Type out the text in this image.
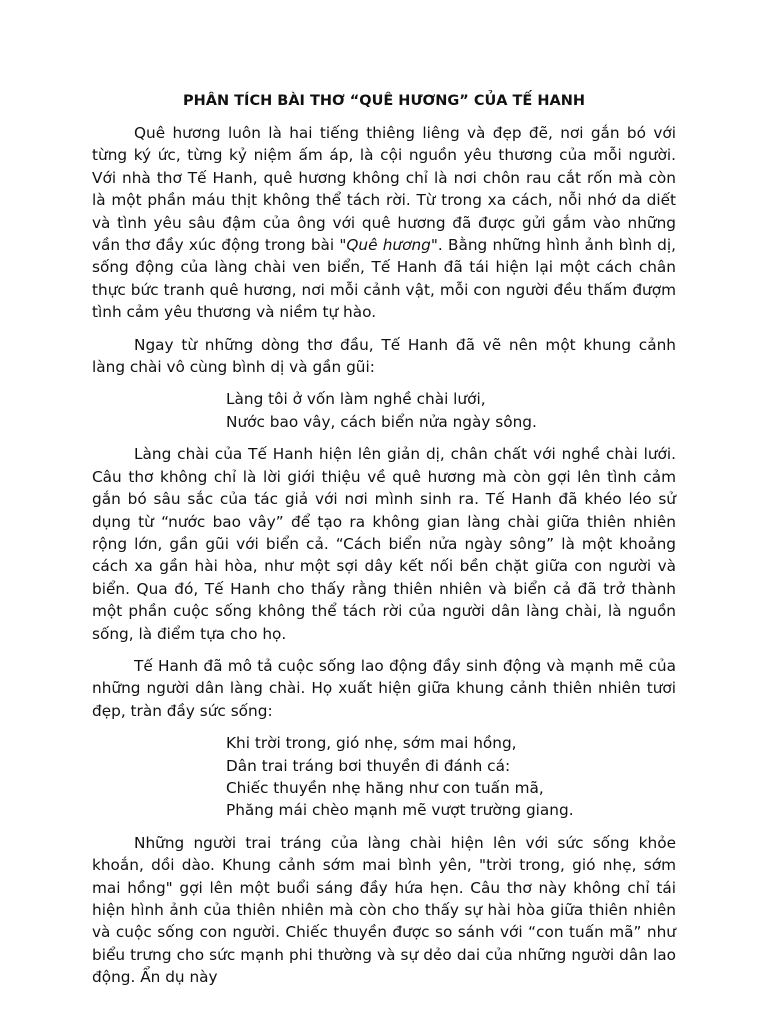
PHÂN TÍCH BÀI THƠ “QUÊ HƯƠNG” CỦA TẾ HANH

Quê hương luôn là hai tiếng thiêng liêng và đẹp đẽ, nơi gắn bó với từng ký ức, từng kỷ niệm ấm áp, là cội nguồn yêu thương của mỗi người. Với nhà thơ Tế Hanh, quê hương không chỉ là nơi chôn rau cắt rốn mà còn là một phần máu thịt không thể tách rời. Từ trong xa cách, nỗi nhớ da diết và tình yêu sâu đậm của ông với quê hương đã được gửi gắm vào những vần thơ đầy xúc động trong bài "Quê hương". Bằng những hình ảnh bình dị, sống động của làng chài ven biển, Tế Hanh đã tái hiện lại một cách chân thực bức tranh quê hương, nơi mỗi cảnh vật, mỗi con người đều thấm đượm tình cảm yêu thương và niềm tự hào.

Ngay từ những dòng thơ đầu, Tế Hanh đã vẽ nên một khung cảnh làng chài vô cùng bình dị và gần gũi:

Làng tôi ở vốn làm nghề chài lưới,
Nước bao vây, cách biển nửa ngày sông.

Làng chài của Tế Hanh hiện lên giản dị, chân chất với nghề chài lưới. Câu thơ không chỉ là lời giới thiệu về quê hương mà còn gợi lên tình cảm gắn bó sâu sắc của tác giả với nơi mình sinh ra. Tế Hanh đã khéo léo sử dụng từ “nước bao vây” để tạo ra không gian làng chài giữa thiên nhiên rộng lớn, gần gũi với biển cả. “Cách biển nửa ngày sông” là một khoảng cách xa gần hài hòa, như một sợi dây kết nối bền chặt giữa con người và biển. Qua đó, Tế Hanh cho thấy rằng thiên nhiên và biển cả đã trở thành một phần cuộc sống không thể tách rời của người dân làng chài, là nguồn sống, là điểm tựa cho họ.

Tế Hanh đã mô tả cuộc sống lao động đầy sinh động và mạnh mẽ của những người dân làng chài. Họ xuất hiện giữa khung cảnh thiên nhiên tươi đẹp, tràn đầy sức sống:

Khi trời trong, gió nhẹ, sớm mai hồng,
Dân trai tráng bơi thuyền đi đánh cá:
Chiếc thuyền nhẹ hăng như con tuấn mã,
Phăng mái chèo mạnh mẽ vượt trường giang.

Những người trai tráng của làng chài hiện lên với sức sống khỏe khoắn, dồi dào. Khung cảnh sớm mai bình yên, "trời trong, gió nhẹ, sớm mai hồng" gợi lên một buổi sáng đầy hứa hẹn. Câu thơ này không chỉ tái hiện hình ảnh của thiên nhiên mà còn cho thấy sự hài hòa giữa thiên nhiên và cuộc sống con người. Chiếc thuyền được so sánh với “con tuấn mã” như biểu trưng cho sức mạnh phi thường và sự dẻo dai của những người dân lao động. Ẩn dụ này
